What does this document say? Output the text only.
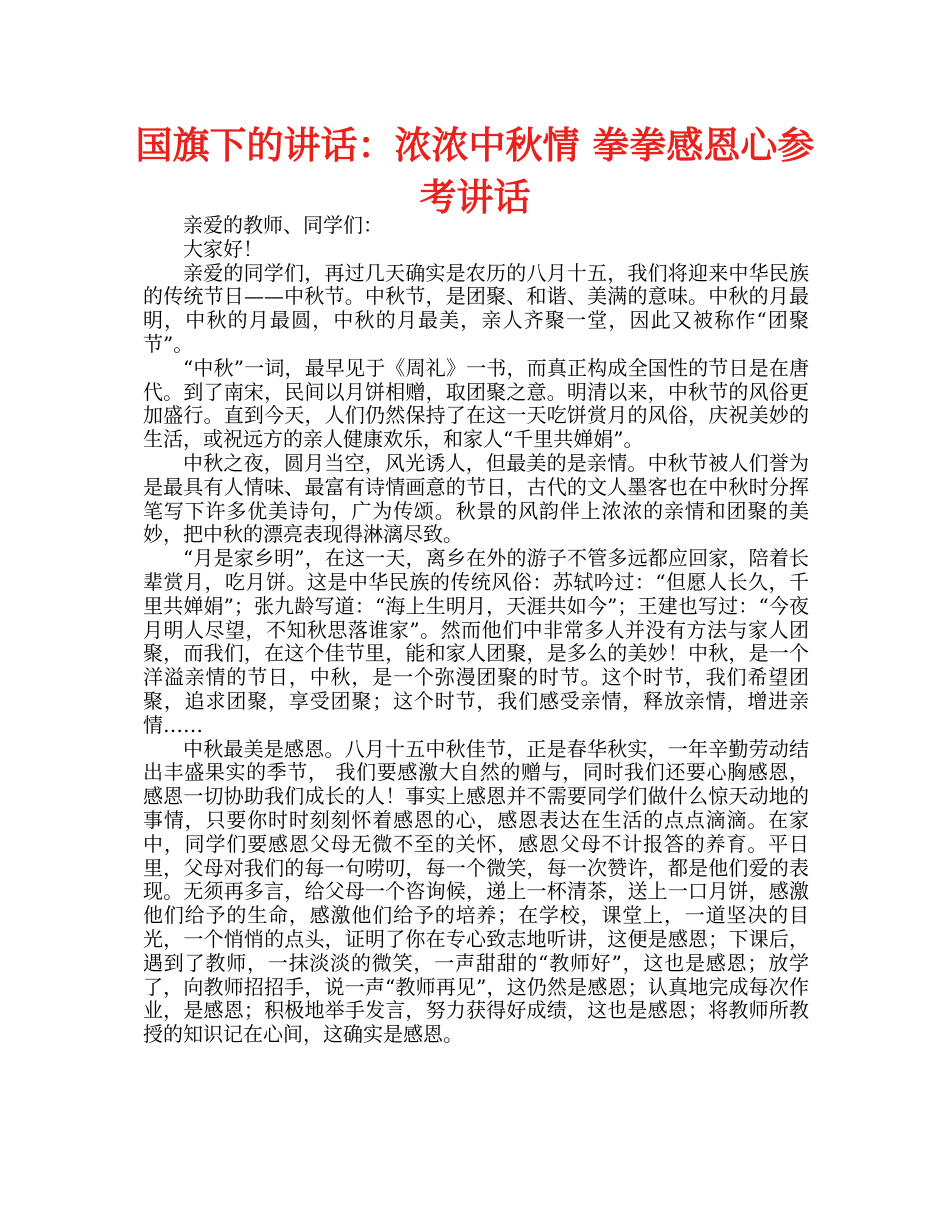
国旗下的讲话：浓浓中秋情 拳拳感恩心参考讲话

亲爱的教师、同学们：

大家好！

亲爱的同学们，再过几天确实是农历的八月十五，我们将迎来中华民族的传统节日——中秋节。中秋节，是团聚、和谐、美满的意味。中秋的月最明，中秋的月最圆，中秋的月最美，亲人齐聚一堂，因此又被称作“团聚节”。

“中秋”一词，最早见于《周礼》一书，而真正构成全国性的节日是在唐代。到了南宋，民间以月饼相赠，取团聚之意。明清以来，中秋节的风俗更加盛行。直到今天，人们仍然保持了在这一天吃饼赏月的风俗，庆祝美妙的生活，或祝远方的亲人健康欢乐，和家人“千里共婵娟”。

中秋之夜，圆月当空，风光诱人，但最美的是亲情。中秋节被人们誉为是最具有人情味、最富有诗情画意的节日，古代的文人墨客也在中秋时分挥笔写下许多优美诗句，广为传颂。秋景的风韵伴上浓浓的亲情和团聚的美妙，把中秋的漂亮表现得淋漓尽致。

“月是家乡明”，在这一天，离乡在外的游子不管多远都应回家，陪着长辈赏月，吃月饼。这是中华民族的传统风俗：苏轼吟过：“但愿人长久，千里共婵娟”；张九龄写道：“海上生明月，天涯共如今”；王建也写过：“今夜月明人尽望，不知秋思落谁家”。然而他们中非常多人并没有方法与家人团聚，而我们，在这个佳节里，能和家人团聚，是多么的美妙！中秋，是一个洋溢亲情的节日，中秋，是一个弥漫团聚的时节。这个时节，我们希望团聚，追求团聚，享受团聚；这个时节，我们感受亲情，释放亲情，增进亲情……

中秋最美是感恩。八月十五中秋佳节，正是春华秋实，一年辛勤劳动结出丰盛果实的季节， 我们要感激大自然的赠与，同时我们还要心胸感恩，感恩一切协助我们成长的人！事实上感恩并不需要同学们做什么惊天动地的事情，只要你时时刻刻怀着感恩的心，感恩表达在生活的点点滴滴。在家中，同学们要感恩父母无微不至的关怀，感恩父母不计报答的养育。平日里，父母对我们的每一句唠叨，每一个微笑，每一次赞许，都是他们爱的表现。无须再多言，给父母一个咨询候，递上一杯清茶，送上一口月饼，感激他们给予的生命，感激他们给予的培养；在学校，课堂上，一道坚决的目光，一个悄悄的点头，证明了你在专心致志地听讲，这便是感恩；下课后，遇到了教师，一抹淡淡的微笑，一声甜甜的“教师好”，这也是感恩；放学了，向教师招招手，说一声“教师再见”，这仍然是感恩；认真地完成每次作业，是感恩；积极地举手发言，努力获得好成绩，这也是感恩；将教师所教授的知识记在心间，这确实是感恩。
